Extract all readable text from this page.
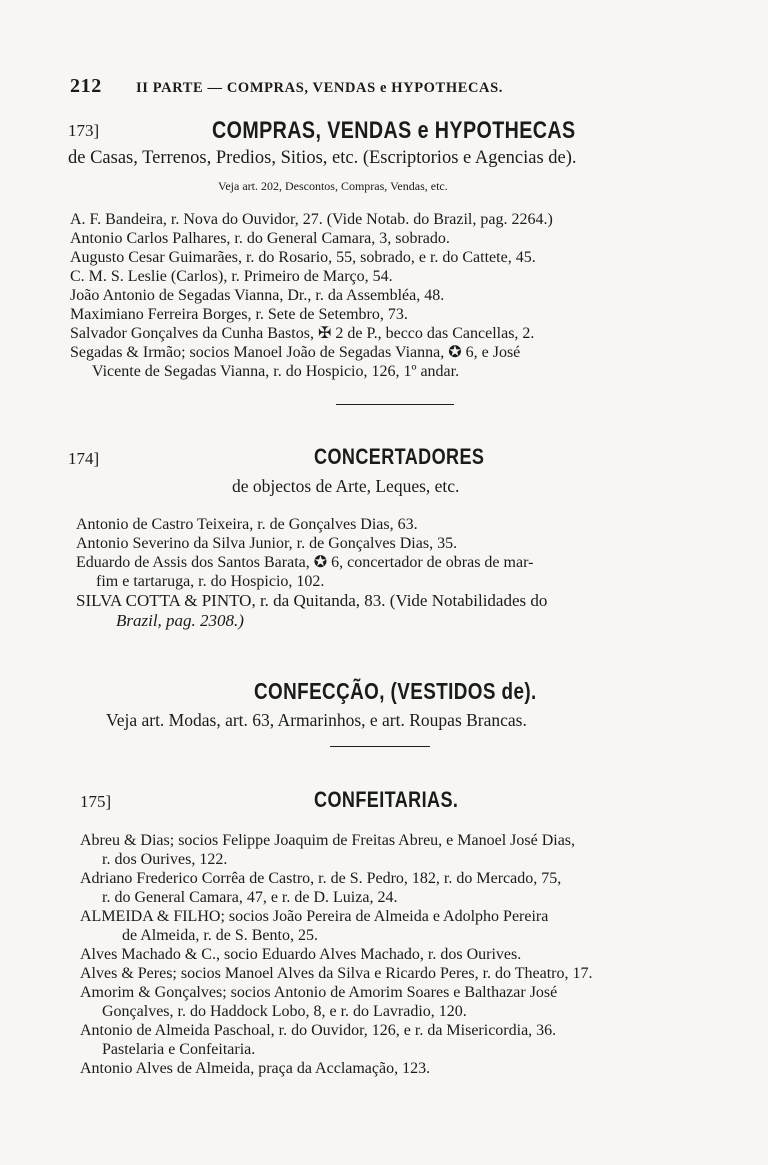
212 II PARTE — COMPRAS, VENDAS e HYPOTHECAS.
173]	COMPRAS, VENDAS e HYPOTHECAS
de Casas, Terrenos, Predios, Sitios, etc. (Escriptorios e Agencias de).
Veja art. 202, Descontos, Compras, Vendas, etc.
A. F. Bandeira, r. Nova do Ouvidor, 27. (Vide Notab. do Brazil, pag. 2264.)
Antonio Carlos Palhares, r. do General Camara, 3, sobrado.
Augusto Cesar Guimarães, r. do Rosario, 55, sobrado, e r. do Cattete, 45.
C. M. S. Leslie (Carlos), r. Primeiro de Março, 54.
João Antonio de Segadas Vianna, Dr., r. da Assembléa, 48.
Maximiano Ferreira Borges, r. Sete de Setembro, 73.
Salvador Gonçalves da Cunha Bastos, ✠ 2 de P., becco das Cancellas, 2.
Segadas & Irmão; socios Manoel João de Segadas Vianna, ✪ 6, e José
Vicente de Segadas Vianna, r. do Hospicio, 126, 1º andar.
174]	CONCERTADORES
de objectos de Arte, Leques, etc.
Antonio de Castro Teixeira, r. de Gonçalves Dias, 63.
Antonio Severino da Silva Junior, r. de Gonçalves Dias, 35.
Eduardo de Assis dos Santos Barata, ✪ 6, concertador de obras de mar-
fim e tartaruga, r. do Hospicio, 102.
SILVA COTTA & PINTO, r. da Quitanda, 83. (Vide Notabilidades do
Brazil, pag. 2308.)
CONFECÇÃO, (VESTIDOS de).
Veja art. Modas, art. 63, Armarinhos, e art. Roupas Brancas.
175]	CONFEITARIAS.
Abreu & Dias; socios Felippe Joaquim de Freitas Abreu, e Manoel José Dias,
r. dos Ourives, 122.
Adriano Frederico Corrêa de Castro, r. de S. Pedro, 182, r. do Mercado, 75,
r. do General Camara, 47, e r. de D. Luiza, 24.
ALMEIDA & FILHO; socios João Pereira de Almeida e Adolpho Pereira
de Almeida, r. de S. Bento, 25.
Alves Machado & C., socio Eduardo Alves Machado, r. dos Ourives.
Alves & Peres; socios Manoel Alves da Silva e Ricardo Peres, r. do Theatro, 17.
Amorim & Gonçalves; socios Antonio de Amorim Soares e Balthazar José
Gonçalves, r. do Haddock Lobo, 8, e r. do Lavradio, 120.
Antonio de Almeida Paschoal, r. do Ouvidor, 126, e r. da Misericordia, 36.
Pastelaria e Confeitaria.
Antonio Alves de Almeida, praça da Acclamação, 123.
